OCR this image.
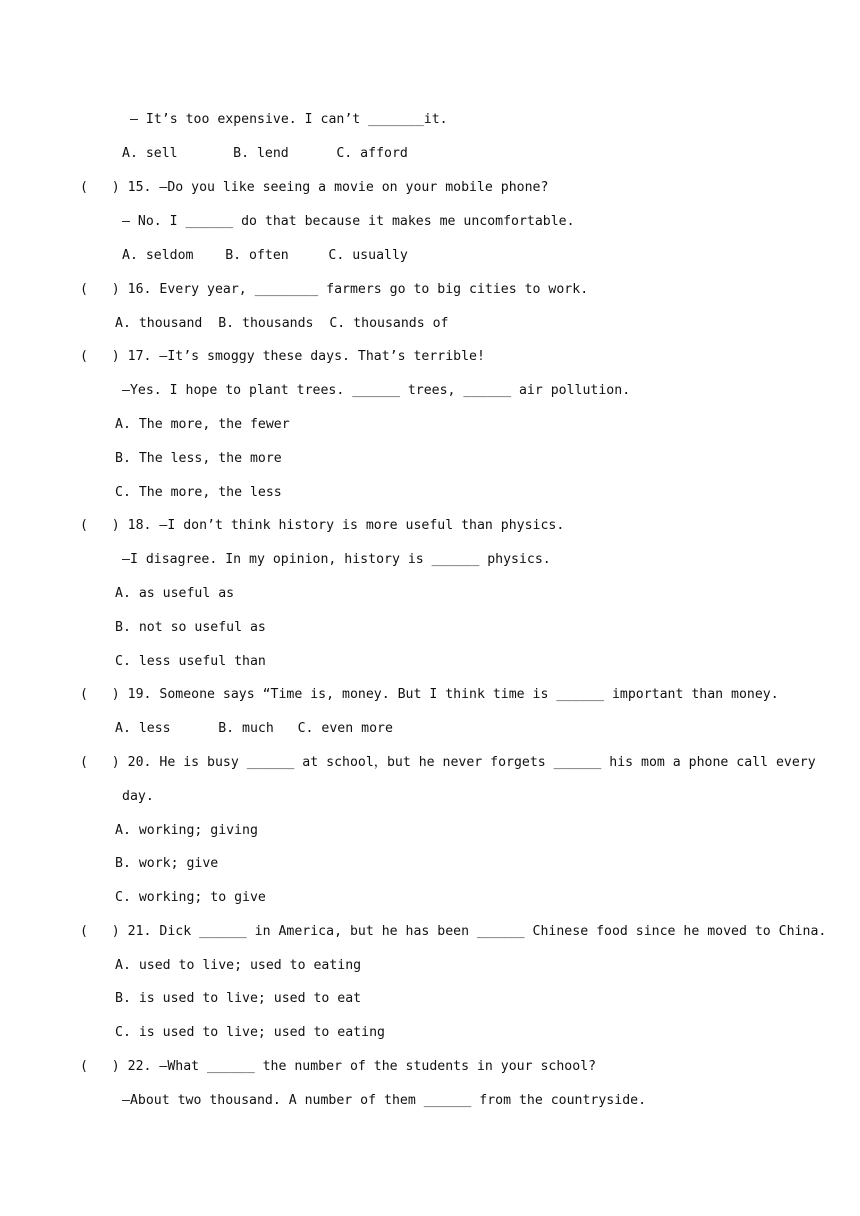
— It’s too expensive. I can’t _______it.
A. sell       B. lend      C. afford
(   ) 15. —Do you like seeing a movie on your mobile phone?
— No. I ______ do that because it makes me uncomfortable.
A. seldom    B. often     C. usually
(   ) 16. Every year, ________ farmers go to big cities to work.
A. thousand  B. thousands  C. thousands of
(   ) 17. —It’s smoggy these days. That’s terrible!
—Yes. I hope to plant trees. ______ trees, ______ air pollution.
A. The more, the fewer
B. The less, the more
C. The more, the less
(   ) 18. —I don’t think history is more useful than physics.
—I disagree. In my opinion, history is ______ physics.
A. as useful as
B. not so useful as
C. less useful than
(   ) 19. Someone says “Time is, money. But I think time is ______ important than money.
A. less      B. much   C. even more
(   ) 20. He is busy ______ at school，but he never forgets ______ his mom a phone call every
day.
A. working; giving
B. work; give
C. working; to give
(   ) 21. Dick ______ in America, but he has been ______ Chinese food since he moved to China.
A. used to live; used to eating
B. is used to live; used to eat
C. is used to live; used to eating
(   ) 22. —What ______ the number of the students in your school?
—About two thousand. A number of them ______ from the countryside.
